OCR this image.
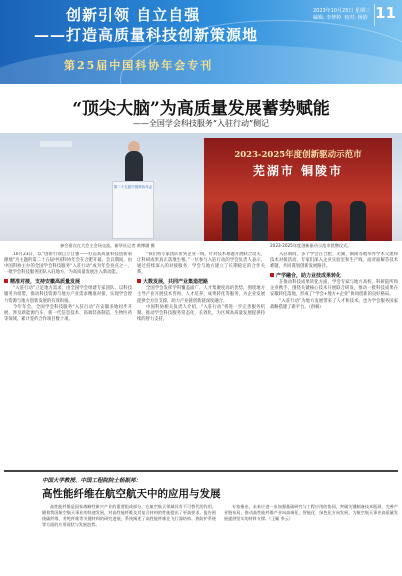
创新引领 自立自强
——打造高质量科技创新策源地
第25届中国科协年会专刊
2023年10月25日 星期三
编辑: 李梦婷  校对: 杨韵 11
“顶尖大脑”为高质量发展蓄势赋能
——全国学会科技服务“入驻行动”侧记
第二十五届中国科协年会
2023-2025年度创新驱动示范市
芜湖市 铜陵市
参会嘉宾在大会主会场交流。新华社记者 黄博涵 摄	2023-2025年度创新驱动示范市授牌仪式。

10月23日，以“创新引领自立自强——打造高质量科技创新策源地”为主题的第二十五届中国科协年会在合肥开幕。会议期间，由中国科协主办的全国学会科技服务“入驻行动”成为年会亮点之一，一批学会科技服务团队入驻地方，为高质量发展注入新动能。

精准对接，支持安徽高质量发展

“入驻行动”立足地方需求，由全国学会组建专家团队，以科技服务为纽带，推动科技资源与地方产业需求精准对接，实现学会智力资源与地方创新发展的有效衔接。

今年年会，全国学会科技服务“入驻行动”在安徽多地同步开展，涉及新能源汽车、新一代信息技术、高端装备制造、生物医药等领域，累计签约合作项目数十项。

“我们将专家团队带到企业一线，针对技术难题开展联合攻关，让科研成果真正落地生根。”一位参与入驻行动的学会负责人表示，通过持续深入的对接服务，学会与地方建立了长期稳定的合作关系。

大数发展，共同产业集造把路

全国学会发挥学科覆盖面广、人才集聚度高的优势，围绕地方主导产业开展技术咨询、人才培养、成果转化等服务，为企业发展提供全方位支撑，助力产业链创新链深度融合。

中国科协相关负责人介绍，“入驻行动”将进一步完善服务机制，推动学会科技服务常态化、长效化，为区域高质量发展提供持续的智力支持。

入驻期间，多个学会在合肥、芜湖、铜陵等地举办学术交流和技术对接活动，专家们深入企业实验室和生产线，面对面解答技术难题，共同谋划创新发展路径。

产学融合，助力业技成果转化

在推动科技成果转化方面，学会专家与地方高校、科研院所和企业携手，围绕关键核心技术开展联合研发，推动一批科技成果在安徽转化落地，形成了“学会+地方+企业”协同创新的良好格局。

“入驻行动”为地方发展带来了人才和技术，也为学会服务国家战略搭建了新平台。（供稿）

中国大学教授、中国工程院院士杨振邦：
高性能纤维在航空航天中的应用与发展

高性能纤维是国家战略性新兴产业的重要组成部分，在航空航天领域具有不可替代的作用。随着我国航空航天事业的快速发展，对高性能纤维及其复合材料的性能提出了更高要求。报告围绕碳纤维、芳纶纤维等关键材料的研究进展，系统阐述了高性能纤维在飞行器结构、热防护系统等方面的应用现状与发展趋势。

专家指出，未来应进一步加强基础研究与工程应用的协同，突破关键制备技术瓶颈，完善产业链布局，推动高性能纤维产业向高端化、智能化、绿色化方向发展，为航空航天事业高质量发展提供坚实的材料支撑。（王颖 李云）
